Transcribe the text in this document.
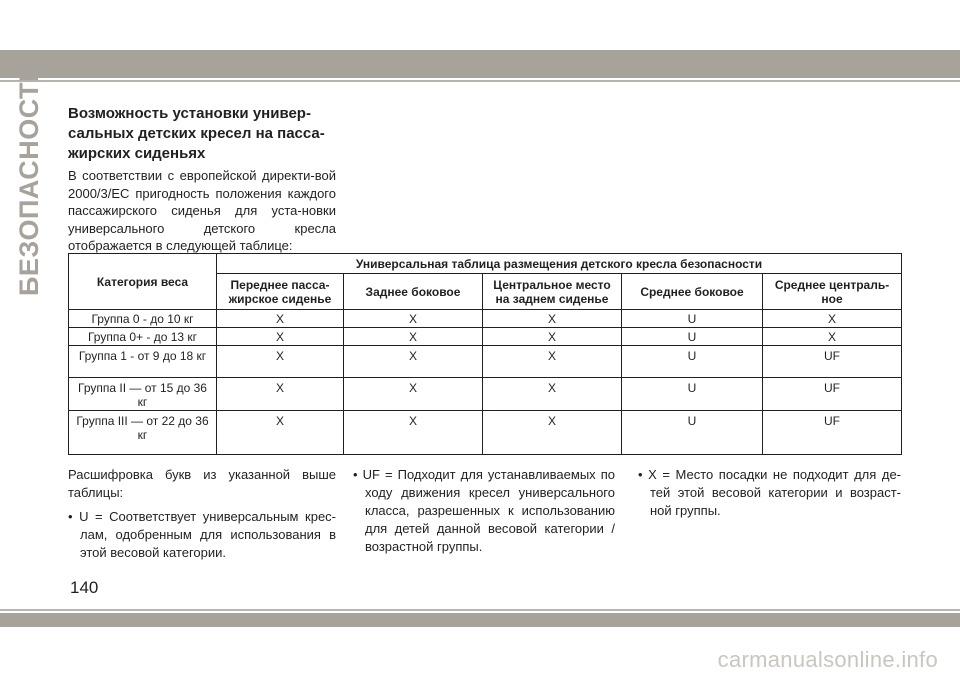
БЕЗОПАСНОСТЬ Возможность установки универ-
сальных детских кресел на пасса-
жирских сиденьях
В соответствии с европейской директи-вой 2000/3/ЕС пригодность положения каждого пассажирского сиденья для уста-новки универсального детского кресла отображается в следующей таблице:
Категория веса	Универсальная таблица размещения детского кресла безопасности				
	Переднее пасса-жирское сиденье	Заднее боковое	Центральное место на заднем сиденье	Среднее боковое	Среднее централь-ное
Группа 0 - до 10 кг	X	X	X	U	X
Группа 0+ - до 13 кг	X	X	X	U	X
Группа 1 - от 9 до 18 кг	X	X	X	U	UF
Группа II — от 15 до 36 кг	X	X	X	U	UF
Группа III — от 22 до 36 кг	X	X	X	U	UF

Расшифровка букв из указанной выше таблицы:

• U = Соответствует универсальным крес-лам, одобренным для использования в этой весовой категории.

• UF = Подходит для устанавливаемых по ходу движения кресел универсального класса, разрешенных к использованию для детей данной весовой категории / возрастной группы.

• X = Место посадки не подходит для де-тей этой весовой категории и возраст-ной группы.

140
carmanualsonline.info
